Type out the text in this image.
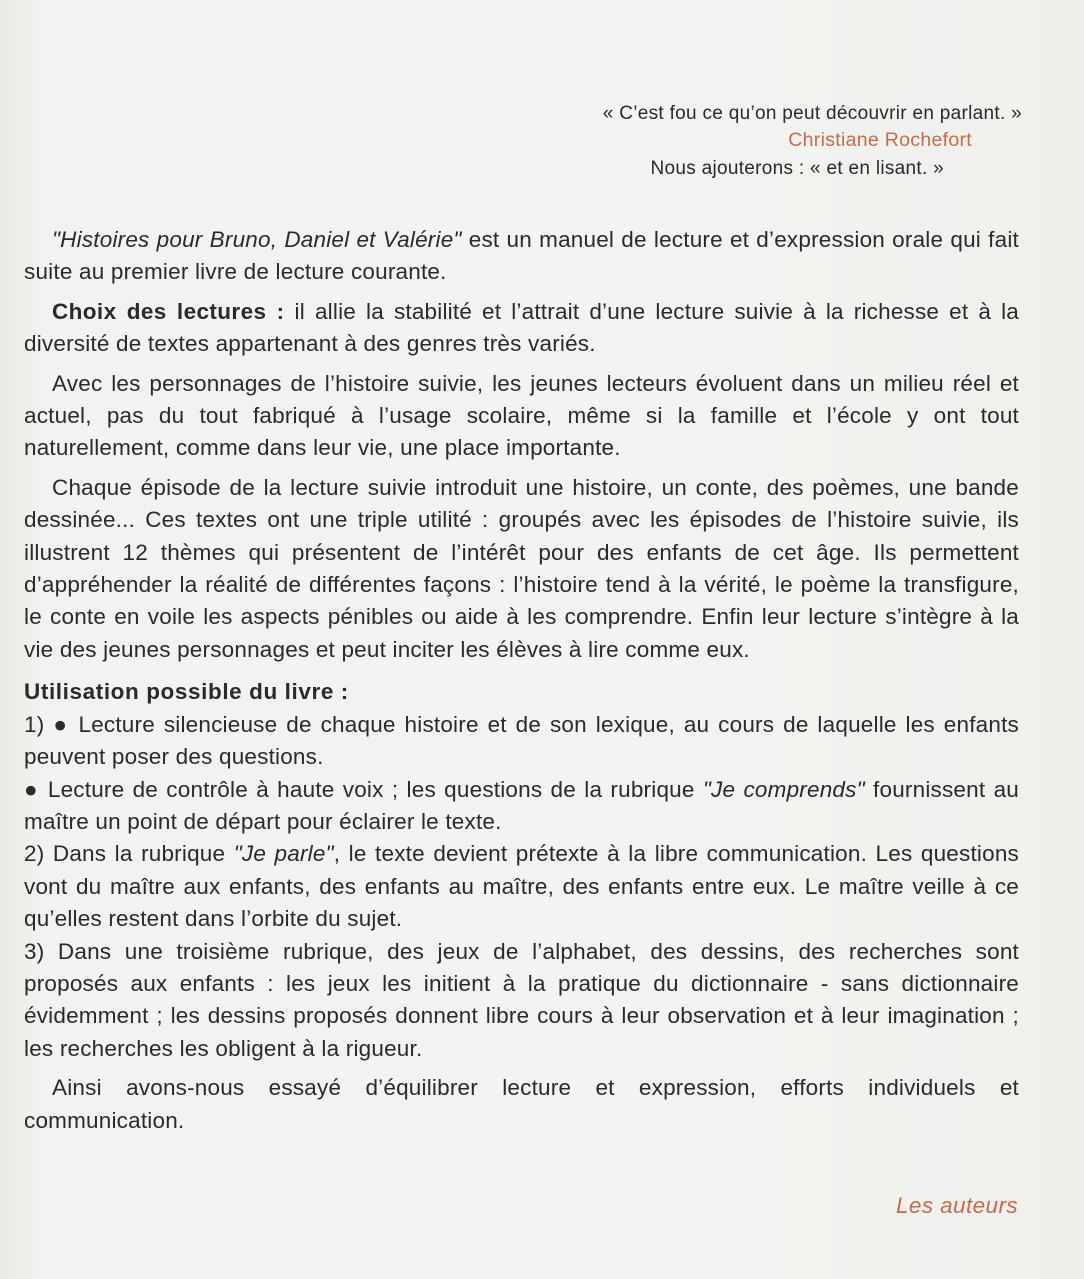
« C’est fou ce qu’on peut découvrir en parlant. »
Christiane Rochefort
Nous ajouterons : « et en lisant. »

"Histoires pour Bruno, Daniel et Valérie" est un manuel de lecture et d’expression orale qui fait suite au premier livre de lecture courante.

Choix des lectures : il allie la stabilité et l’attrait d’une lecture suivie à la richesse et à la diversité de textes appartenant à des genres très variés.

Avec les personnages de l’histoire suivie, les jeunes lecteurs évoluent dans un milieu réel et actuel, pas du tout fabriqué à l’usage scolaire, même si la famille et l’école y ont tout naturellement, comme dans leur vie, une place importante.

Chaque épisode de la lecture suivie introduit une histoire, un conte, des poèmes, une bande dessinée... Ces textes ont une triple utilité : groupés avec les épisodes de l’histoire suivie, ils illustrent 12 thèmes qui présentent de l’intérêt pour des enfants de cet âge. Ils permettent d’appréhender la réalité de différentes façons : l’histoire tend à la vérité, le poème la transfigure, le conte en voile les aspects pénibles ou aide à les comprendre. Enfin leur lecture s’intègre à la vie des jeunes personnages et peut inciter les élèves à lire comme eux.

Utilisation possible du livre :

1) ● Lecture silencieuse de chaque histoire et de son lexique, au cours de laquelle les enfants peuvent poser des questions.

● Lecture de contrôle à haute voix ; les questions de la rubrique "Je comprends" fournissent au maître un point de départ pour éclairer le texte.

2) Dans la rubrique "Je parle", le texte devient prétexte à la libre communication. Les questions vont du maître aux enfants, des enfants au maître, des enfants entre eux. Le maître veille à ce qu’elles restent dans l’orbite du sujet.

3) Dans une troisième rubrique, des jeux de l’alphabet, des dessins, des recherches sont proposés aux enfants : les jeux les initient à la pratique du dictionnaire - sans dictionnaire évidemment ; les dessins proposés donnent libre cours à leur observation et à leur imagination ; les recherches les obligent à la rigueur.

Ainsi avons-nous essayé d’équilibrer lecture et expression, efforts individuels et communication.

Les auteurs
